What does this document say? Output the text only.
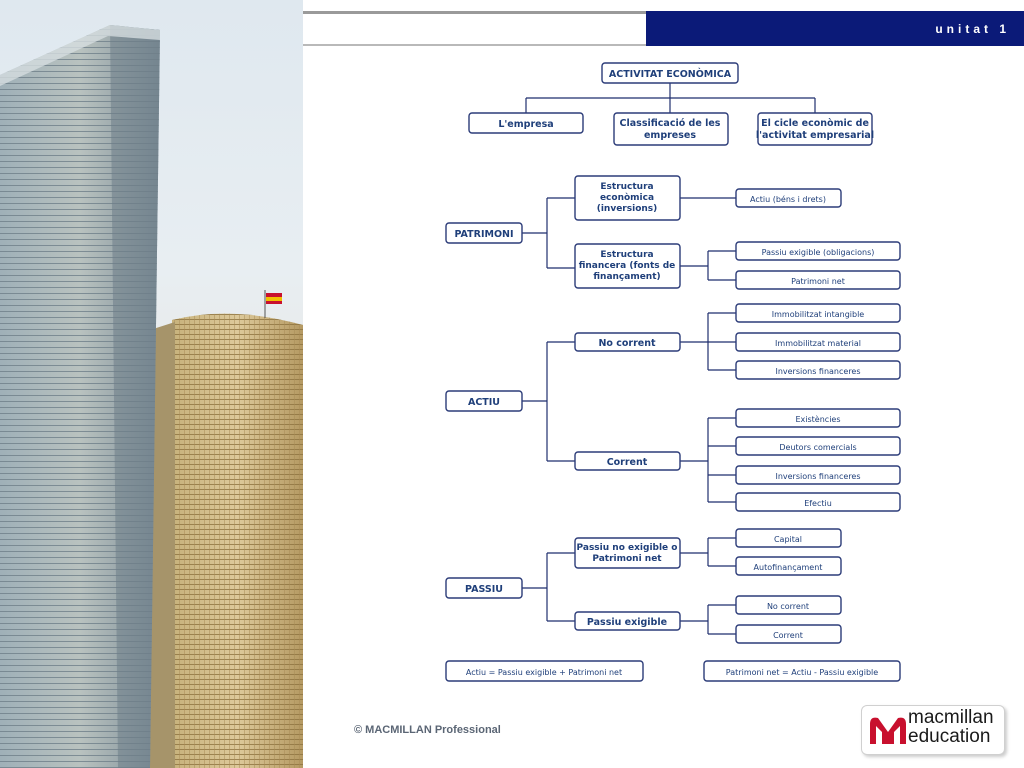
unitat 1
ACTIVITAT ECONÒMICA
L'empresa	Classificació de les empreses
El cicle econòmic de l'activitat empresarial
PATRIMONI
Estructura econòmica (inversions)
Actiu (béns i drets)
Estructura financera (fonts de finançament)
Passiu exigible (obligacions)
Patrimoni net
ACTIU
No corrent
Immobilitzat intangible
Immobilitzat material
Inversions financeres
Corrent
Existències
Deutors comercials
Inversions financeres
Efectiu
PASSIU
Passiu no exigible o Patrimoni net
Capital
Autofinançament
Passiu exigible
No corrent
Corrent
Actiu = Passiu exigible + Patrimoni net	Patrimoni net = Actiu - Passiu exigible
© MACMILLAN Professional
macmillan
education
